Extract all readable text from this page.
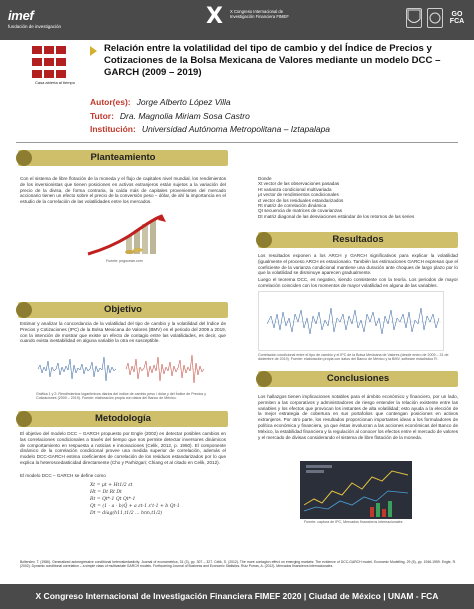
imef
fundación de investigación	X X Congreso Internacional de Investigación Financiera FIMEF	GO FCA
Casa abierta al tiempo
Relación entre la volatilidad del tipo de cambio y del Índice de Precios y Cotizaciones de la Bolsa Mexicana de Valores mediante un modelo DCC – GARCH (2009 – 2019)
Autor(es): Jorge Alberto López Villa
Tutor: Dra. Magnolia Miriam Sosa Castro
Institución: Universidad Autónoma Metropolitana – Iztapalapa
Planteamiento
Con el sistema de libre flotación de la moneda y el flujo de capitales nivel mundial, los rendimientos de los inversionistas que tienen posiciones en activos extranjeros están sujetos a la variación del precio de la divisa, de forma contraria, la caída más de capitales provenientes del mercado accionario tienen un efecto sobre el precio de la conversión peso – dólar, de ahí la importancia en el estudio de la correlación de las volatilidades entre los mercados.
Fuente: pngocean.com
Donde
Xt vector de las observaciones pasadas
Ht varianza condicional multivariada
μt vector de rendimientos condicionales
εt vector de los residuales estandarizados
Rt matriz de correlación dinámica
Qt secuencia de matrices de covarianzas
Dt matriz diagonal de las desviaciones estándar de los retornos de las series
Resultados
Los resultados exponen a los ARCH y GARCH significativos para explicar la volatilidad (igualmente el proceso ARCH es estacionario. También las estimaciones GARCH expresan que el coeficiente de la varianza condicional mantiene una duración ante choques de largo plazo por lo que la volatilidad se disminuye aparecen gradualmente.
Luego el teorema DCC, es negativo, siendo consistente con la teoría. Los periodos de mayor correlación coinciden con los momentos de mayor volatilidad en alguna de las variables.
Correlación condicional entre el tipo de cambio y el IPC de la Bolsa Mexicana de Valores (desde enero de 2009 – 31 de diciembre de 2019). Fuente: elaboración propia con datos del Banco de México y la BMV, software estadístico R.
Objetivo
Estimar y analizar la concordancia de la volatilidad del tipo de cambio y la volatilidad del Índice de Precios y Cotizaciones (IPC) de la Bolsa Mexicana de Valores (BMV) en el periodo del 2009 a 2019, con la intención de mostrar que existe un efecto de contagio entre las volatilidades, es decir, que cuando exista inestabilidad en alguna variable la otra es susceptible.
Gráfica 1 y 2: Rendimientos logarítmicos diarios del índice de cambio peso / dólar y del Índice de Precios y Cotizaciones (2009 – 2019). Fuente: elaboración propia con datos del Banco de México.
Metodología
El objetivo del modelo DCC – GARCH propuesto por Engle (2002) es detectar posibles cambios en las correlaciones condicionales a través del tiempo que nos permite detectar inversores dinámicos de comportamiento en respuesta a noticias e innovaciones (Celik, 2012, p. 1950). El componente dinámico de la correlación condicional provee una medida superior de correlación, además el modelo DCC-GARCH estima coeficientes de correlación de los residuos estandarizados por lo que explica la heteroscedasticidad directamente (Cho y Parhizgari; Chiang et al citado en Celik, 2012).
El modelo DCC – GARCH se define como
Xt = μt + Ht1/2 εt
Ht = Dt Rt Dt
Rt = Qt*-1 Qt Qt*-1
Qt = (1 - a - b)Q̄ + a εt-1 ε't-1 + b Qt-1
Dt = diag(h11,t1/2 ... hnn,t1/2)
Conclusiones
Los hallazgos tienen implicaciones notables para el ámbito económico y financiero, por un lado, permiten a las corporativos y administradores de riesgo entender la relación existente entre las variables y los efectos que provocan los instantes de alta volatilidad; esto ayuda a la elección de la mejor estrategia de cobertura en sus portafolios que contengan posiciones en activos extranjeros. Por otro parte, los resultados proporcionan importantes ideas a los formuladores de política económica y financiera, ya que éstas involucran a las acciones económicas del Banco de México, la estabilidad financiera y la regulación al conocer los efectos entre el mercado de valores y el mercado de divisas considerando el sistema de libre flotación de la moneda.
Fuente: captura de IPC, Mercados financieros internacionales
Bollerslev, T. (1986). Generalized autoregressive conditional heteroskedasticity. Journal of econometrics, 31 (3), pp. 307 – 327. Celik, S. (2012). The more contagion effect on emerging markets: The evidence of DCC-GARCH model. Economic Modelling, 29 (5), pp. 1946-1959. Engle, R. (2002). Dynamic conditional correlation – a simple class of multivariate GARCH models. Forthcoming Journal of Business and Economic Statistics. Ruiz Porras, A. (2012). Mercados financieros internacionales.
X Congreso Internacional de Investigación Financiera FIMEF 2020 | Ciudad de México | UNAM - FCA
